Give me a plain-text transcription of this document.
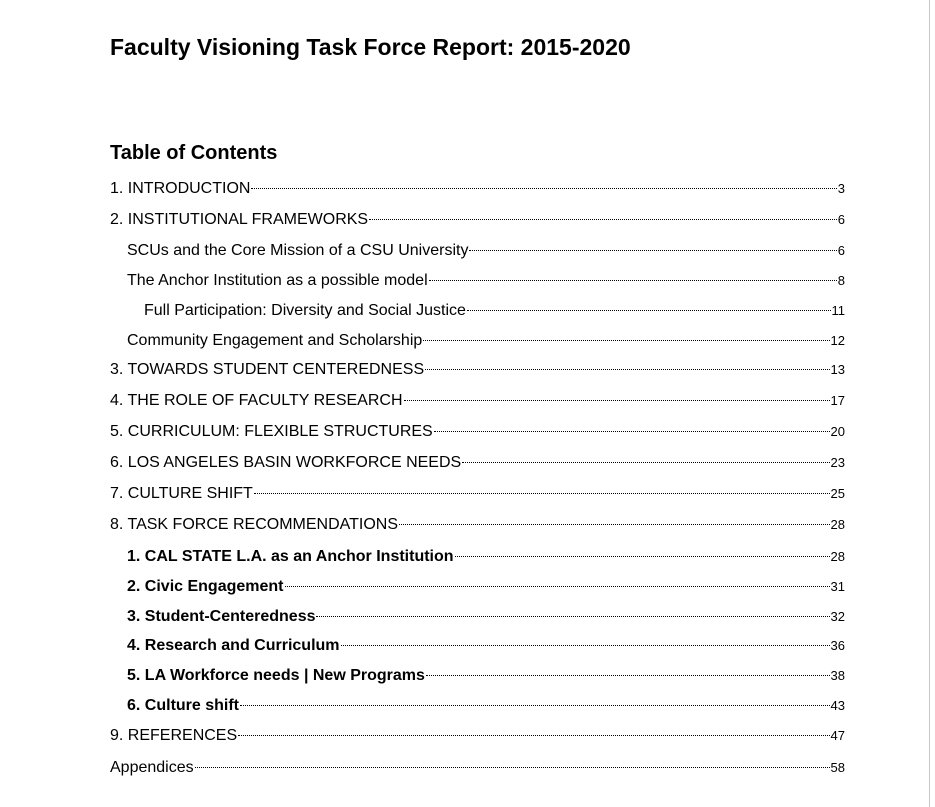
Faculty Visioning Task Force Report: 2015-2020
Table of Contents
1. INTRODUCTION	3
2. INSTITUTIONAL FRAMEWORKS	6
SCUs and the Core Mission of a CSU University	6
The Anchor Institution as a possible model	8
Full Participation: Diversity and Social Justice	11
Community Engagement and Scholarship	12
3. TOWARDS STUDENT CENTEREDNESS	13
4. THE ROLE OF FACULTY RESEARCH	17
5. CURRICULUM: FLEXIBLE STRUCTURES	20
6. LOS ANGELES BASIN WORKFORCE NEEDS	23
7. CULTURE SHIFT	25
8. TASK FORCE RECOMMENDATIONS	28
1. CAL STATE L.A. as an Anchor Institution	28
2. Civic Engagement	31
3. Student-Centeredness	32
4. Research and Curriculum	36
5. LA Workforce needs | New Programs	38
6. Culture shift	43
9. REFERENCES	47
Appendices	58
